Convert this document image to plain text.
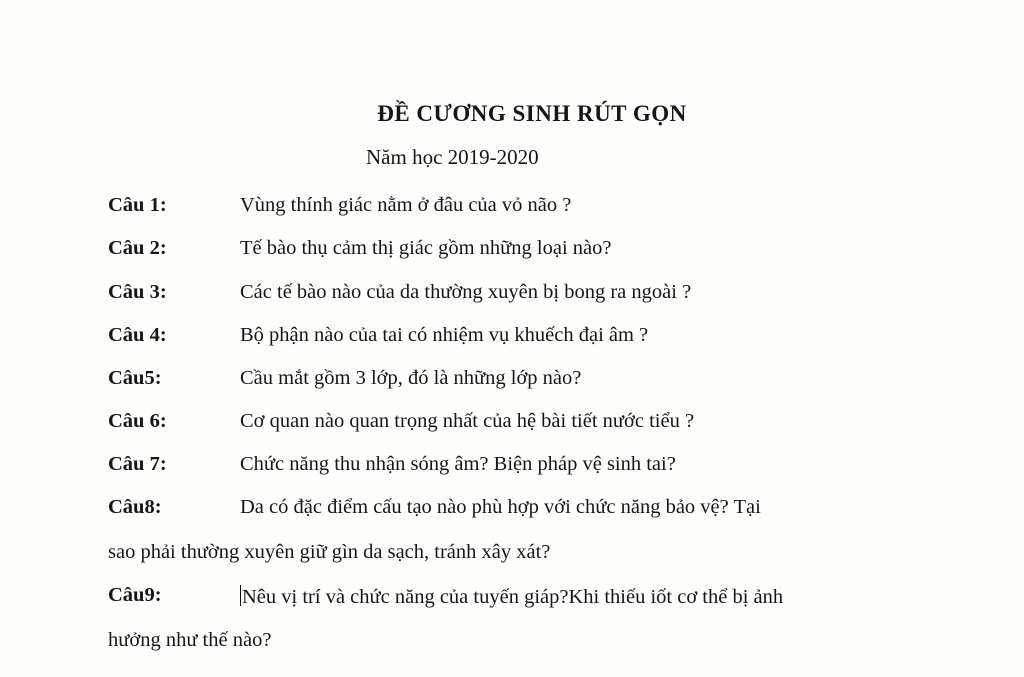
ĐỀ CƯƠNG SINH RÚT GỌN
Năm học 2019-2020
Câu 1:	Vùng thính giác nằm ở đâu của vỏ não ?
Câu 2:	Tế bào thụ cảm thị giác gồm những loại nào?
Câu 3:	Các tế bào nào của da thường xuyên bị bong ra ngoài ?
Câu 4:	Bộ phận nào của tai có nhiệm vụ khuếch đại âm ?
Câu5:	Cầu mắt gồm 3 lớp, đó là những lớp nào?
Câu 6:	Cơ quan nào quan trọng nhất của hệ bài tiết nước tiểu ?
Câu 7:	Chức năng thu nhận sóng âm? Biện pháp vệ sinh tai?
Câu8:	Da có đặc điểm cấu tạo nào phù hợp với chức năng bảo vệ? Tại
sao phải thường xuyên giữ gìn da sạch, tránh xây xát?
Câu9:	Nêu vị trí và chức năng của tuyến giáp?Khi thiếu iốt cơ thể bị ảnh
hưởng như thế nào?
